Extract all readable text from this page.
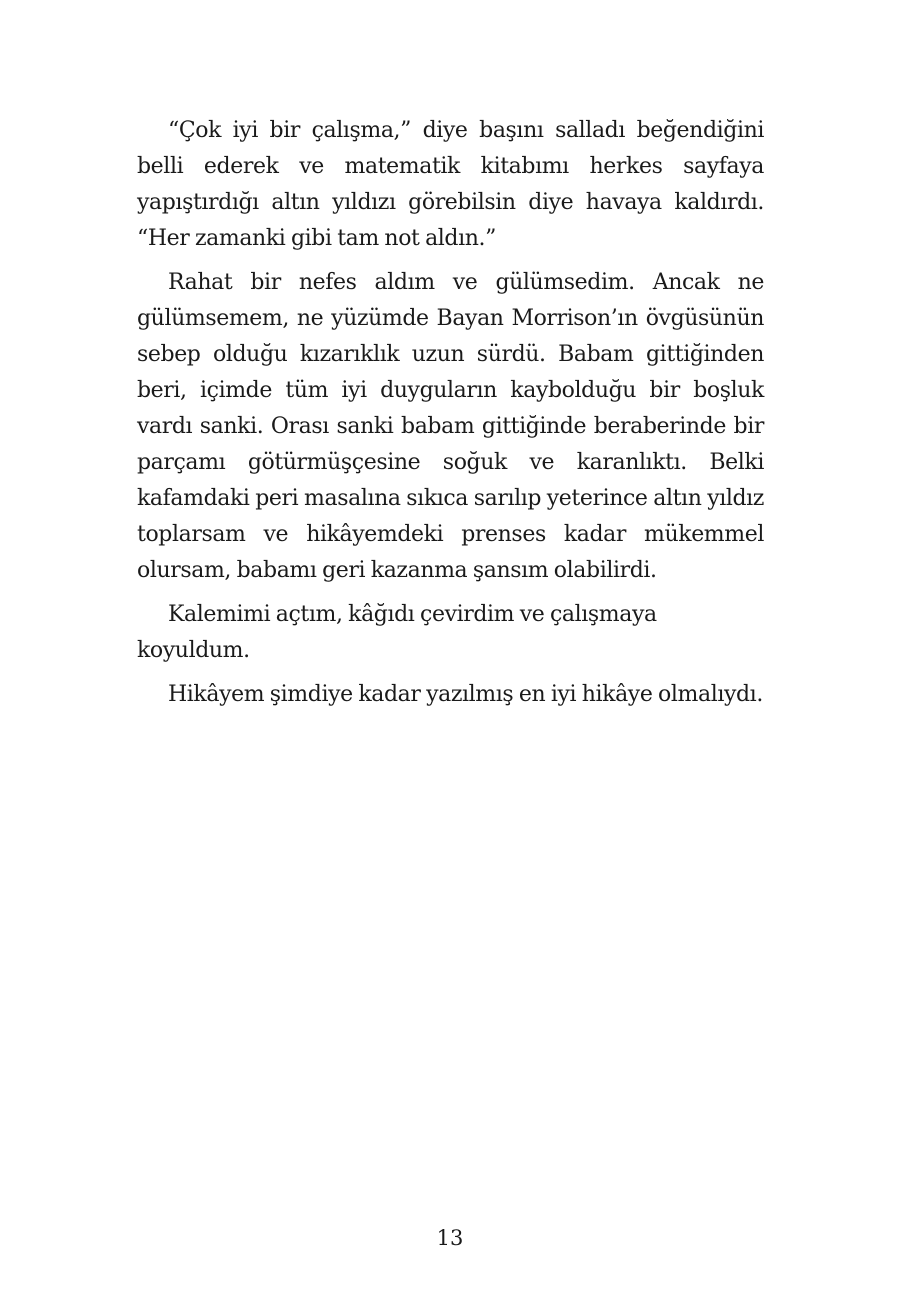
“Çok iyi bir çalışma,” diye başını salladı beğendiğini belli ederek ve matematik kitabımı herkes sayfaya yapıştırdığı altın yıldızı görebilsin diye havaya kaldırdı. “Her zamanki gibi tam not aldın.”

Rahat bir nefes aldım ve gülümsedim. Ancak ne gülümsemem, ne yüzümde Bayan Morrison’ın övgüsünün sebep olduğu kızarıklık uzun sürdü. Babam gittiğinden beri, içimde tüm iyi duyguların kaybolduğu bir boşluk vardı sanki. Orası sanki babam gittiğinde beraberinde bir parçamı götürmüşçesine soğuk ve karanlıktı. Belki kafamdaki peri masalına sıkıca sarılıp yeterince altın yıldız toplarsam ve hikâyemdeki prenses kadar mükemmel olursam, babamı geri kazanma şansım olabilirdi.

Kalemimi açtım, kâğıdı çevirdim ve çalışmaya koyuldum.

Hikâyem şimdiye kadar yazılmış en iyi hikâye olmalıydı.

13
